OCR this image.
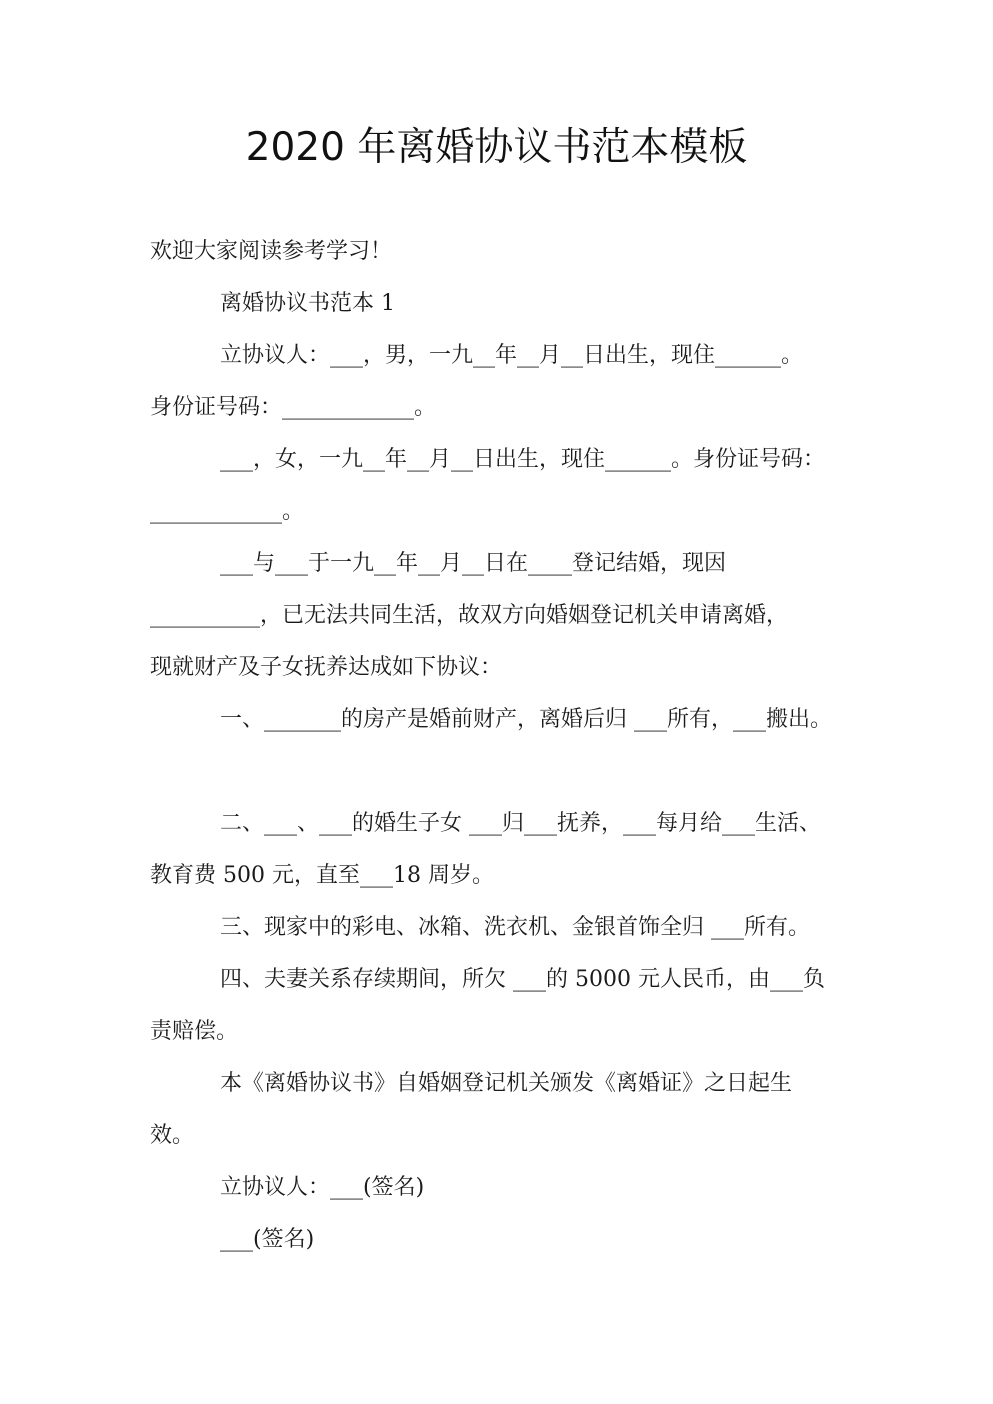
2020 年离婚协议书范本模板
欢迎大家阅读参考学习！
离婚协议书范本 1
立协议人：___，男，一九__年__月__日出生，现住______。
身份证号码：____________。
___，女，一九__年__月__日出生，现住______。身份证号码：
____________。
___与___于一九__年__月__日在____登记结婚，现因
__________，已无法共同生活，故双方向婚姻登记机关申请离婚，
现就财产及子女抚养达成如下协议：
一、_______的房产是婚前财产，离婚后归 ___所有，___搬出。
二、___、___的婚生子女 ___归___抚养，___每月给___生活、
教育费 500 元，直至___18 周岁。
三、现家中的彩电、冰箱、洗衣机、金银首饰全归 ___所有。
四、夫妻关系存续期间，所欠 ___的 5000 元人民币，由___负
责赔偿。
本《离婚协议书》自婚姻登记机关颁发《离婚证》之日起生
效。
立协议人：___(签名)
___(签名)
